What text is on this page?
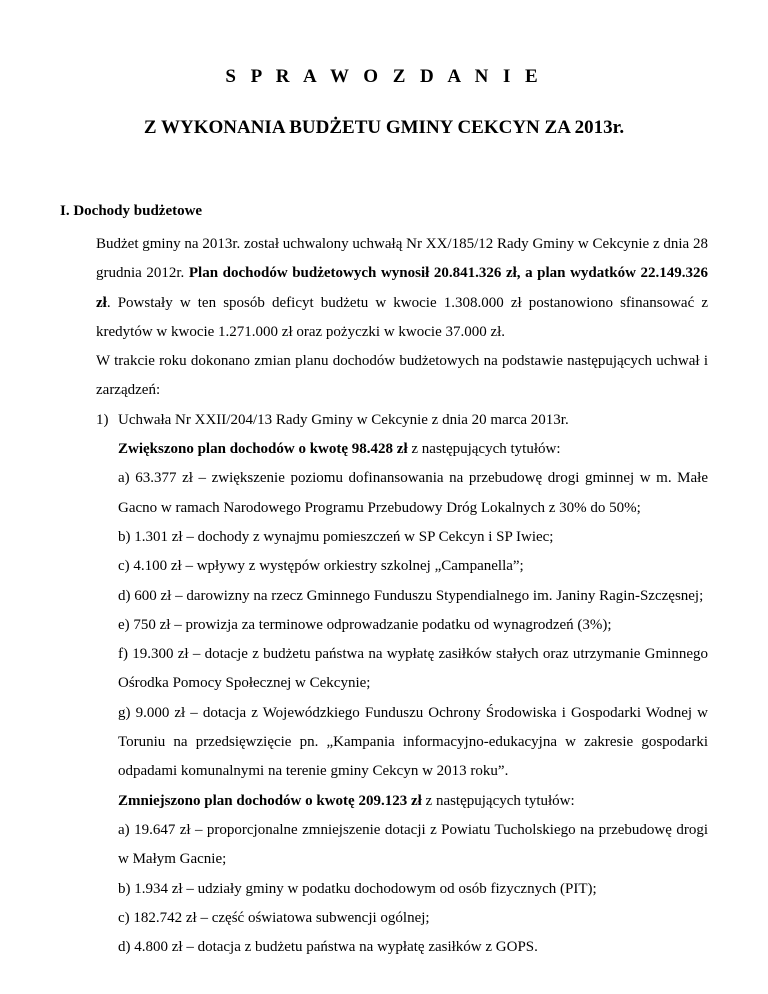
S P R A W O Z D A N I E
Z WYKONANIA BUDŻETU GMINY CEKCYN ZA 2013r.
I. Dochody budżetowe

Budżet gminy na 2013r. został uchwalony uchwałą Nr XX/185/12 Rady Gminy w Cekcynie z dnia 28 grudnia 2012r. Plan dochodów budżetowych wynosił 20.841.326 zł, a plan wydatków 22.149.326 zł. Powstały w ten sposób deficyt budżetu w kwocie 1.308.000 zł postanowiono sfinansować z kredytów w kwocie 1.271.000 zł oraz pożyczki w kwocie 37.000 zł.

W trakcie roku dokonano zmian planu dochodów budżetowych na podstawie następujących uchwał i zarządzeń:

1) Uchwała Nr XXII/204/13 Rady Gminy w Cekcynie z dnia 20 marca 2013r.

Zwiększono plan dochodów o kwotę 98.428 zł z następujących tytułów:

a) 63.377 zł – zwiększenie poziomu dofinansowania na przebudowę drogi gminnej w m. Małe Gacno w ramach Narodowego Programu Przebudowy Dróg Lokalnych z 30% do 50%;

b) 1.301 zł – dochody z wynajmu pomieszczeń w SP Cekcyn i SP Iwiec;

c) 4.100 zł – wpływy z występów orkiestry szkolnej „Campanella”;

d) 600 zł – darowizny na rzecz Gminnego Funduszu Stypendialnego im. Janiny Ragin-Szczęsnej;

e) 750 zł – prowizja za terminowe odprowadzanie podatku od wynagrodzeń (3%);

f) 19.300 zł – dotacje z budżetu państwa na wypłatę zasiłków stałych oraz utrzymanie Gminnego Ośrodka Pomocy Społecznej w Cekcynie;

g) 9.000 zł – dotacja z Wojewódzkiego Funduszu Ochrony Środowiska i Gospodarki Wodnej w Toruniu na przedsięwzięcie pn. „Kampania informacyjno-edukacyjna w zakresie gospodarki odpadami komunalnymi na terenie gminy Cekcyn w 2013 roku”.

Zmniejszono plan dochodów o kwotę 209.123 zł z następujących tytułów:

a) 19.647 zł – proporcjonalne zmniejszenie dotacji z Powiatu Tucholskiego na przebudowę drogi w Małym Gacnie;

b) 1.934 zł – udziały gminy w podatku dochodowym od osób fizycznych (PIT);

c) 182.742 zł – część oświatowa subwencji ogólnej;

d) 4.800 zł – dotacja z budżetu państwa na wypłatę zasiłków z GOPS.
